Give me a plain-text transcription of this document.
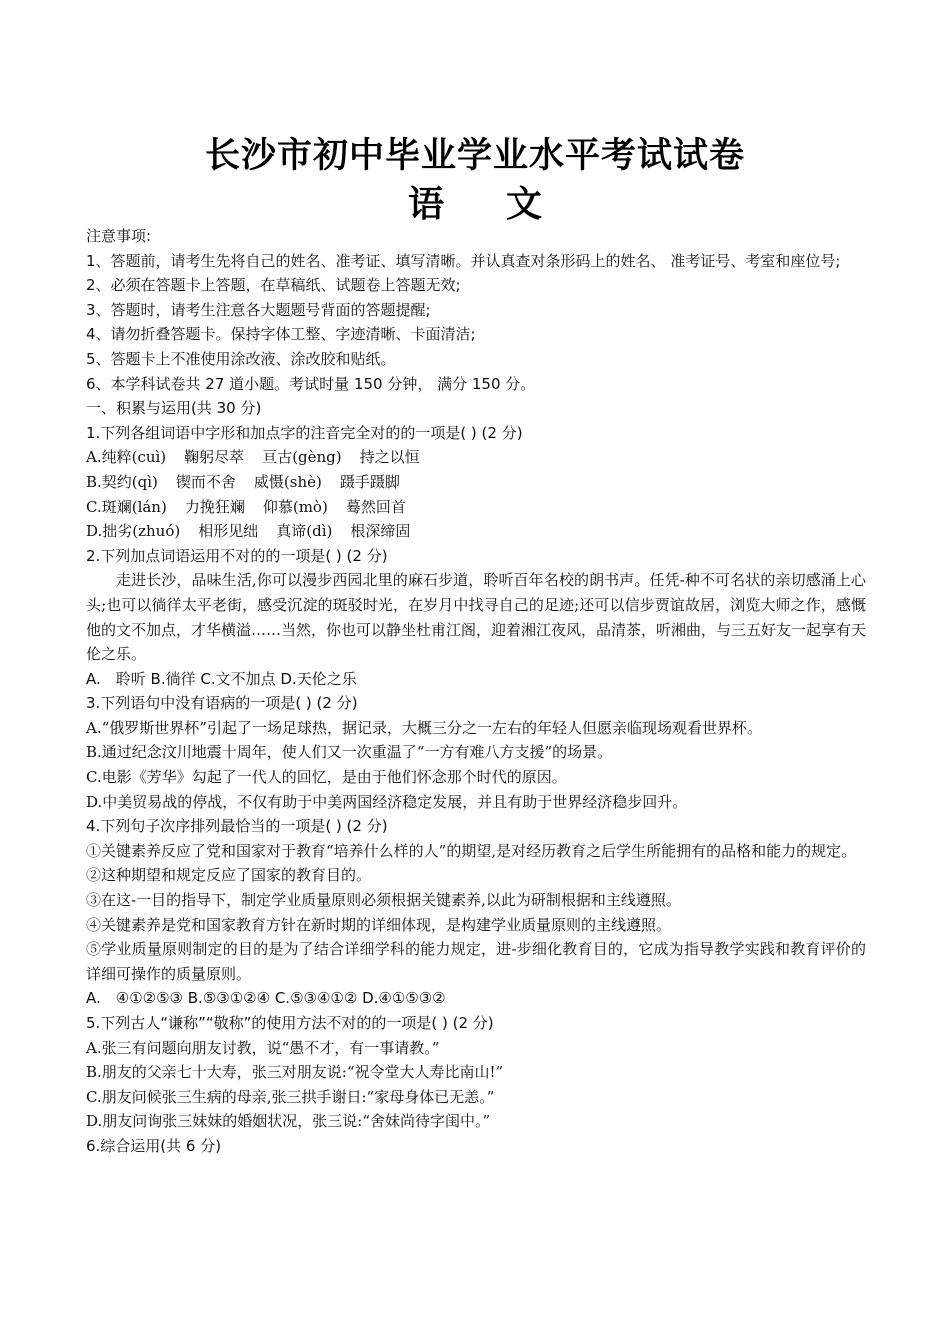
长沙市初中毕业学业水平考试试卷
语 文
注意事项:
1、答题前，请考生先将自己的姓名、准考证、填写清晰。并认真查对条形码上的姓名、 准考证号、考室和座位号;
2、必须在答题卡上答题，在草稿纸、试题卷上答题无效;
3、答题时，请考生注意各大题题号背面的答题提醒;
4、请勿折叠答题卡。保持字体工整、字迹清晰、卡面清洁;
5、答题卡上不准使用涂改液、涂改胶和贴纸。
6、本学科试卷共 27 道小题。考试时量 150 分钟， 满分 150 分。
一、积累与运用(共 30 分)
1.下列各组词语中字形和加点字的注音完全对的的一项是( ) (2 分)
A.纯粹(cuì) 鞠躬尽萃 亘古(gèng) 持之以恒
B.契约(qì) 锲而不舍 威慑(shè) 蹑手蹑脚
C.斑斓(lán) 力挽狂斓 仰慕(mò) 蓦然回首
D.拙劣(zhuó) 相形见绌 真谛(dì) 根深缔固
2.下列加点词语运用不对的的一项是( ) (2 分)
走进长沙，品味生活,你可以漫步西园北里的麻石步道，聆听百年名校的朗书声。任凭-种不可名状的亲切感涌上心头;也可以徜徉太平老街，感受沉淀的斑驳时光，在岁月中找寻自己的足迹;还可以信步贾谊故居，浏览大师之作，感慨他的文不加点，才华横溢……当然，你也可以静坐杜甫江阁，迎着湘江夜风，品清茶，听湘曲，与三五好友一起享有天伦之乐。
A.　聆听 B.徜徉 C.文不加点 D.天伦之乐
3.下列语句中没有语病的一项是( ) (2 分)
A.“俄罗斯世界杯”引起了一场足球热，据记录，大概三分之一左右的年轻人但愿亲临现场观看世界杯。
B.通过纪念汶川地震十周年，使人们又一次重温了“一方有难八方支援”的场景。
C.电影《芳华》勾起了一代人的回忆，是由于他们怀念那个时代的原因。
D.中美贸易战的停战，不仅有助于中美两国经济稳定发展，并且有助于世界经济稳步回升。
4.下列句子次序排列最恰当的一项是( ) (2 分)
①关键素养反应了党和国家对于教育“培养什么样的人”的期望,是对经历教育之后学生所能拥有的品格和能力的规定。
②这种期望和规定反应了国家的教育目的。
③在这-一目的指导下，制定学业质量原则必须根据关键素养,以此为研制根据和主线遵照。
④关键素养是党和国家教育方针在新时期的详细体现，是构建学业质量原则的主线遵照。
⑤学业质量原则制定的目的是为了结合详细学科的能力规定，进-步细化教育目的，它成为指导教学实践和教育评价的详细可操作的质量原则。
A.　④①②⑤③ B.⑤③①②④ C.⑤③④①② D.④①⑤③②
5.下列古人“谦称”“敬称”的使用方法不对的的一项是( ) (2 分)
A.张三有问题向朋友讨教，说“愚不才，有一事请教。”
B.朋友的父亲七十大寿，张三对朋友说:“祝令堂大人寿比南山!”
C.朋友问候张三生病的母亲,张三拱手谢日:“家母身体已无恙。”
D.朋友问询张三妹妹的婚姻状况，张三说:“舍妹尚待字闺中。”
6.综合运用(共 6 分)
